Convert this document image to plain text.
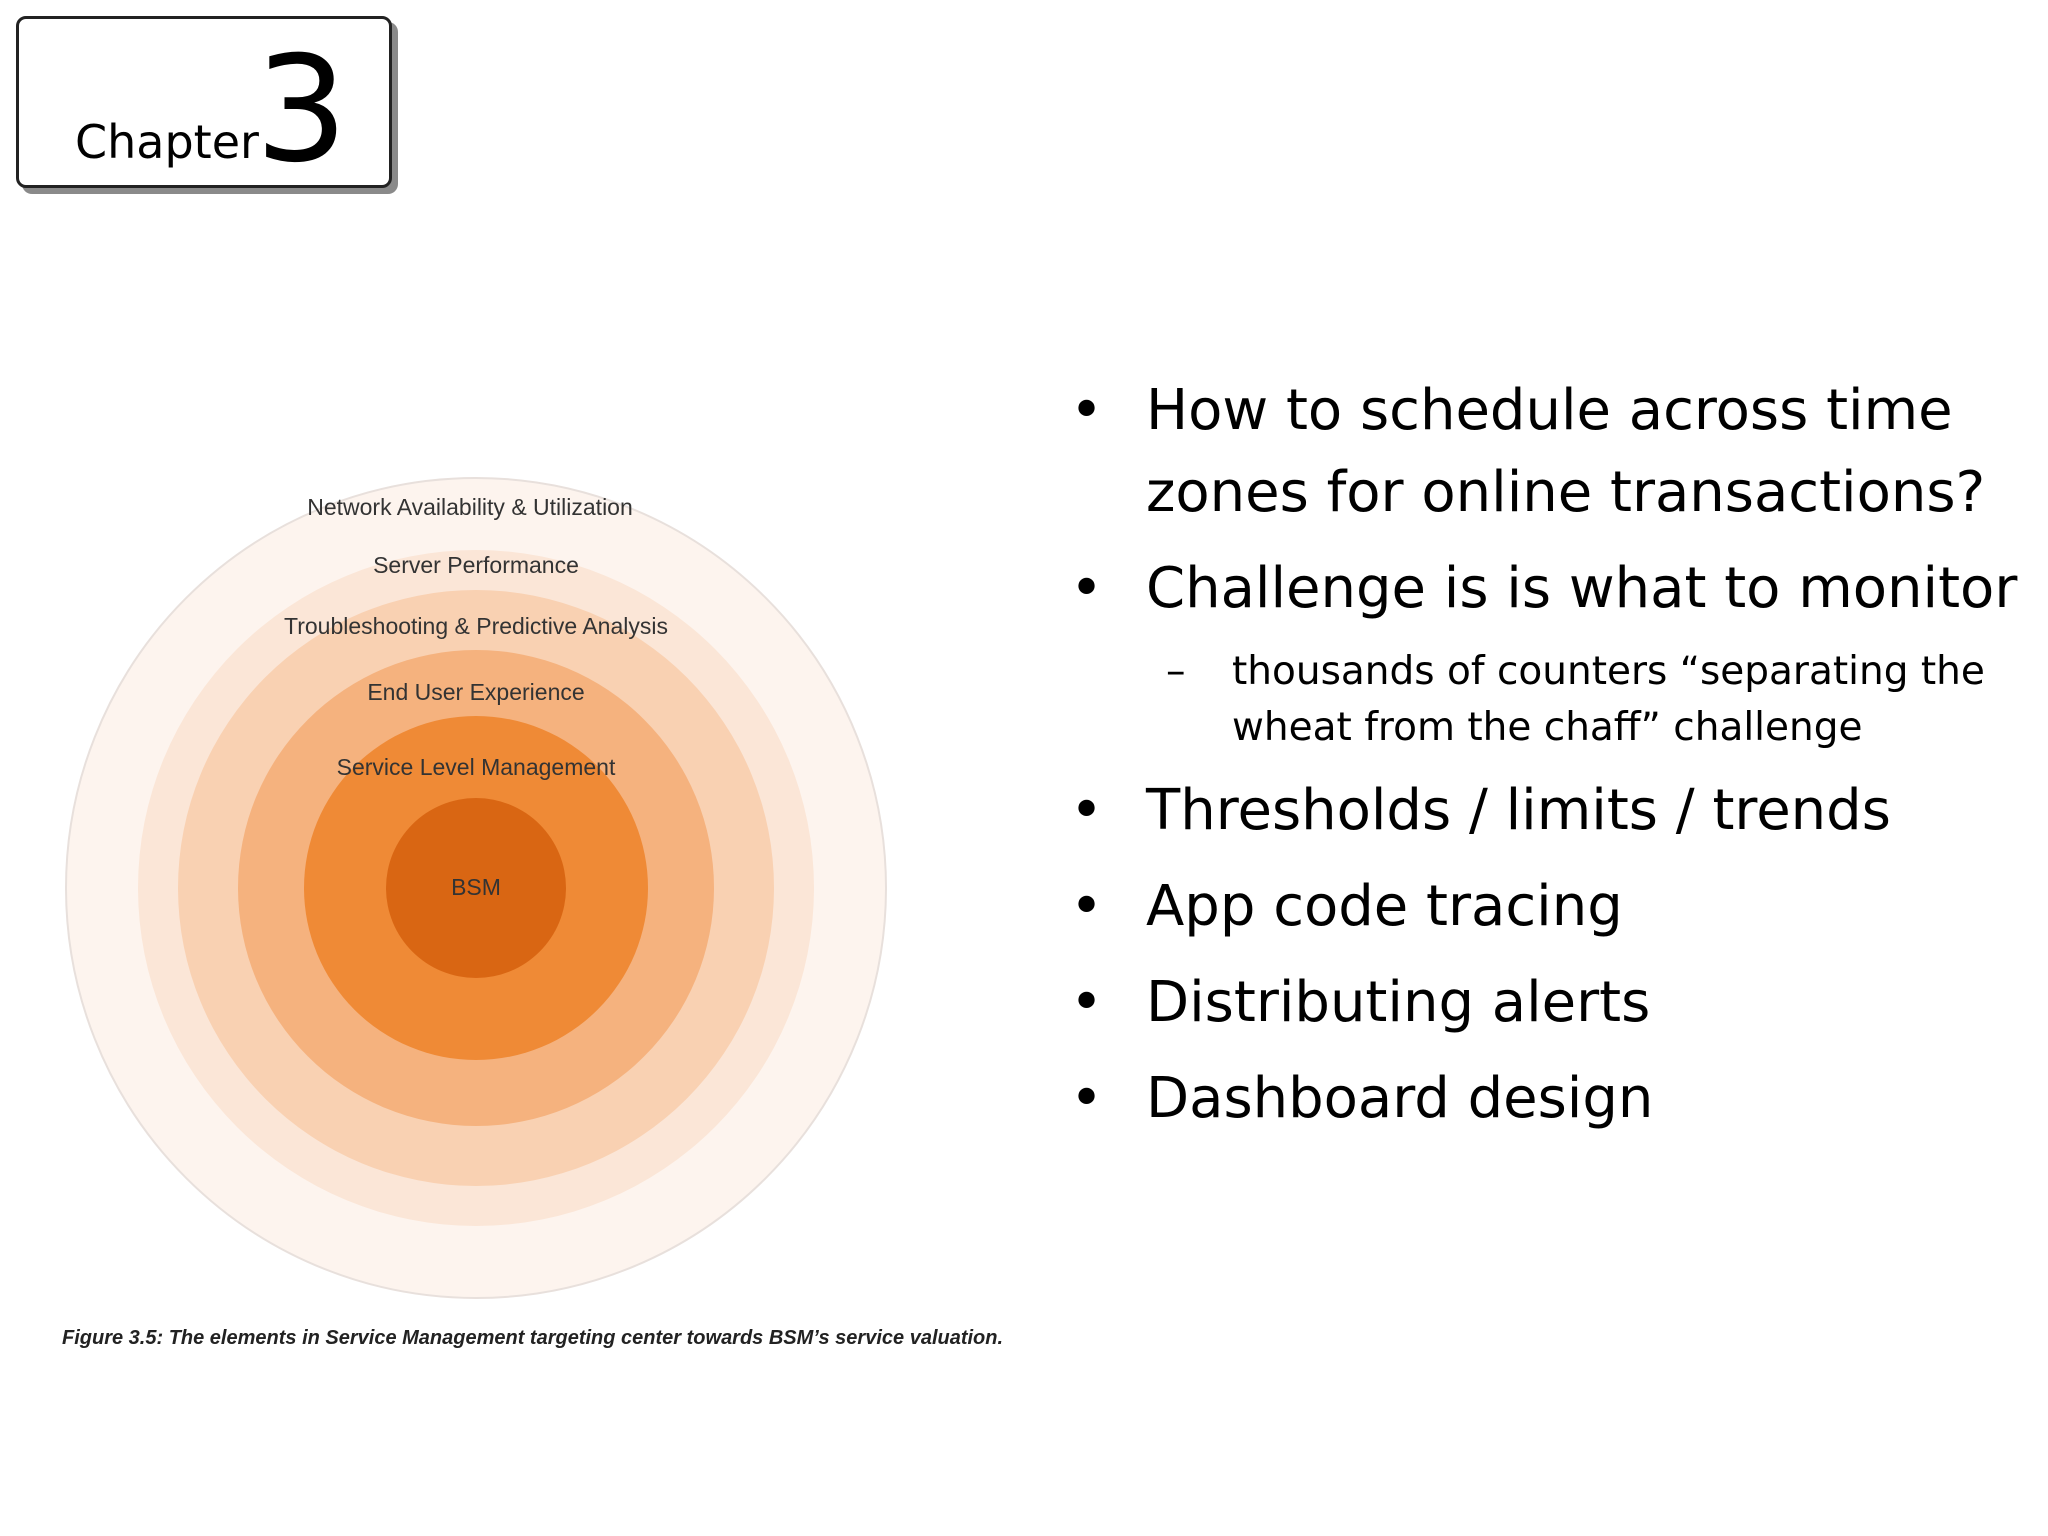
Chapter
3
Network Availability & Utilization
Server Performance
Troubleshooting & Predictive Analysis
End User Experience
Service Level Management
BSM
Figure 3.5: The elements in Service Management targeting center towards BSM’s service valuation.
• How to schedule across time zones for online transactions?
• Challenge is is what to monitor
– thousands of counters “separating the wheat from the chaff” challenge
• Thresholds / limits / trends
• App code tracing
• Distributing alerts
• Dashboard design
